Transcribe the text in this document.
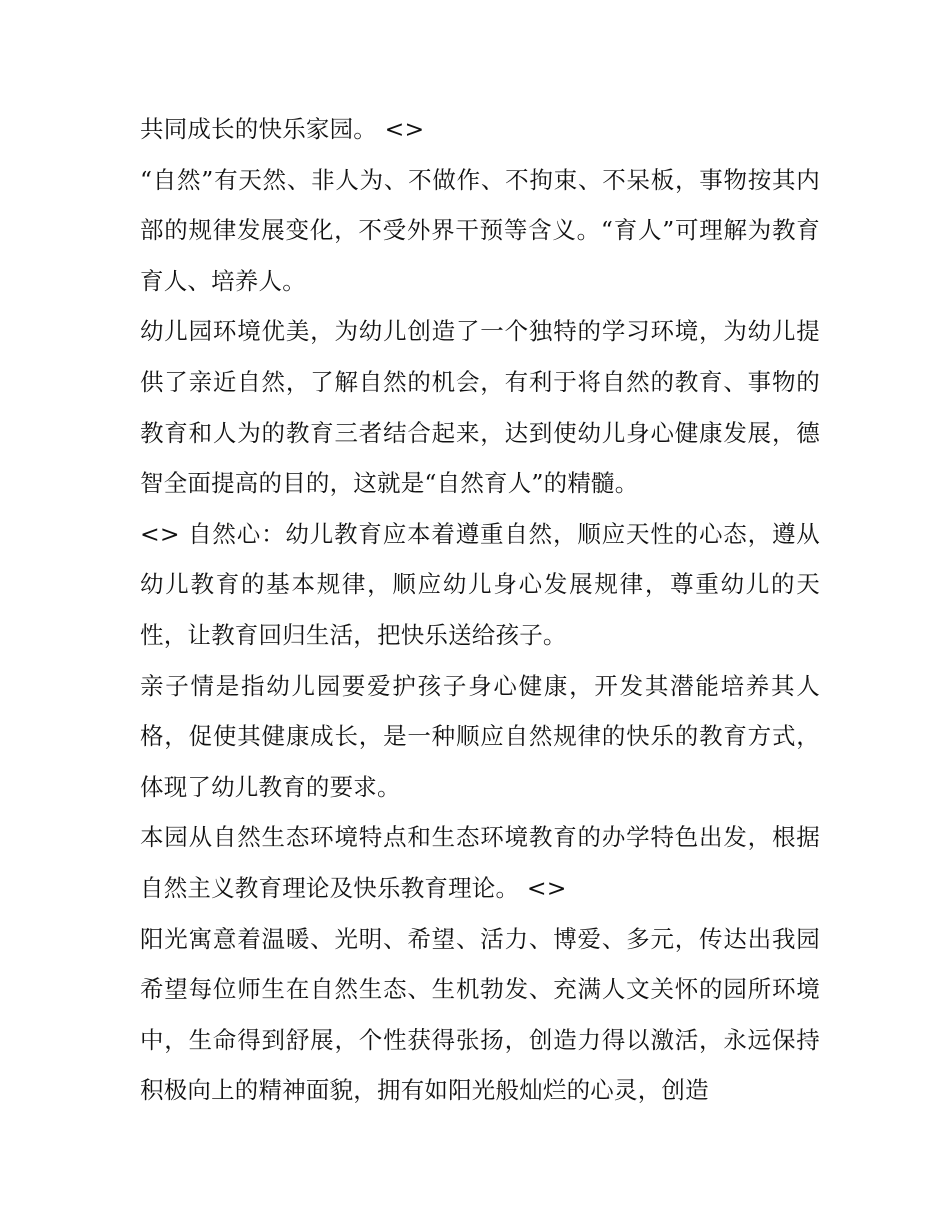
共同成长的快乐家园。 <>

“自然”有天然、非人为、不做作、不拘束、不呆板，事物按其内部的规律发展变化，不受外界干预等含义。“育人”可理解为教育育人、培养人。

幼儿园环境优美，为幼儿创造了一个独特的学习环境，为幼儿提供了亲近自然，了解自然的机会，有利于将自然的教育、事物的教育和人为的教育三者结合起来，达到使幼儿身心健康发展，德智全面提高的目的，这就是“自然育人”的精髓。

<> 自然心：幼儿教育应本着遵重自然，顺应天性的心态，遵从幼儿教育的基本规律，顺应幼儿身心发展规律，尊重幼儿的天性，让教育回归生活，把快乐送给孩子。

亲子情是指幼儿园要爱护孩子身心健康，开发其潜能培养其人格，促使其健康成长，是一种顺应自然规律的快乐的教育方式，体现了幼儿教育的要求。

本园从自然生态环境特点和生态环境教育的办学特色出发，根据自然主义教育理论及快乐教育理论。 <>

阳光寓意着温暖、光明、希望、活力、博爱、多元，传达出我园希望每位师生在自然生态、生机勃发、充满人文关怀的园所环境中，生命得到舒展，个性获得张扬，创造力得以激活，永远保持积极向上的精神面貌，拥有如阳光般灿烂的心灵，创造
